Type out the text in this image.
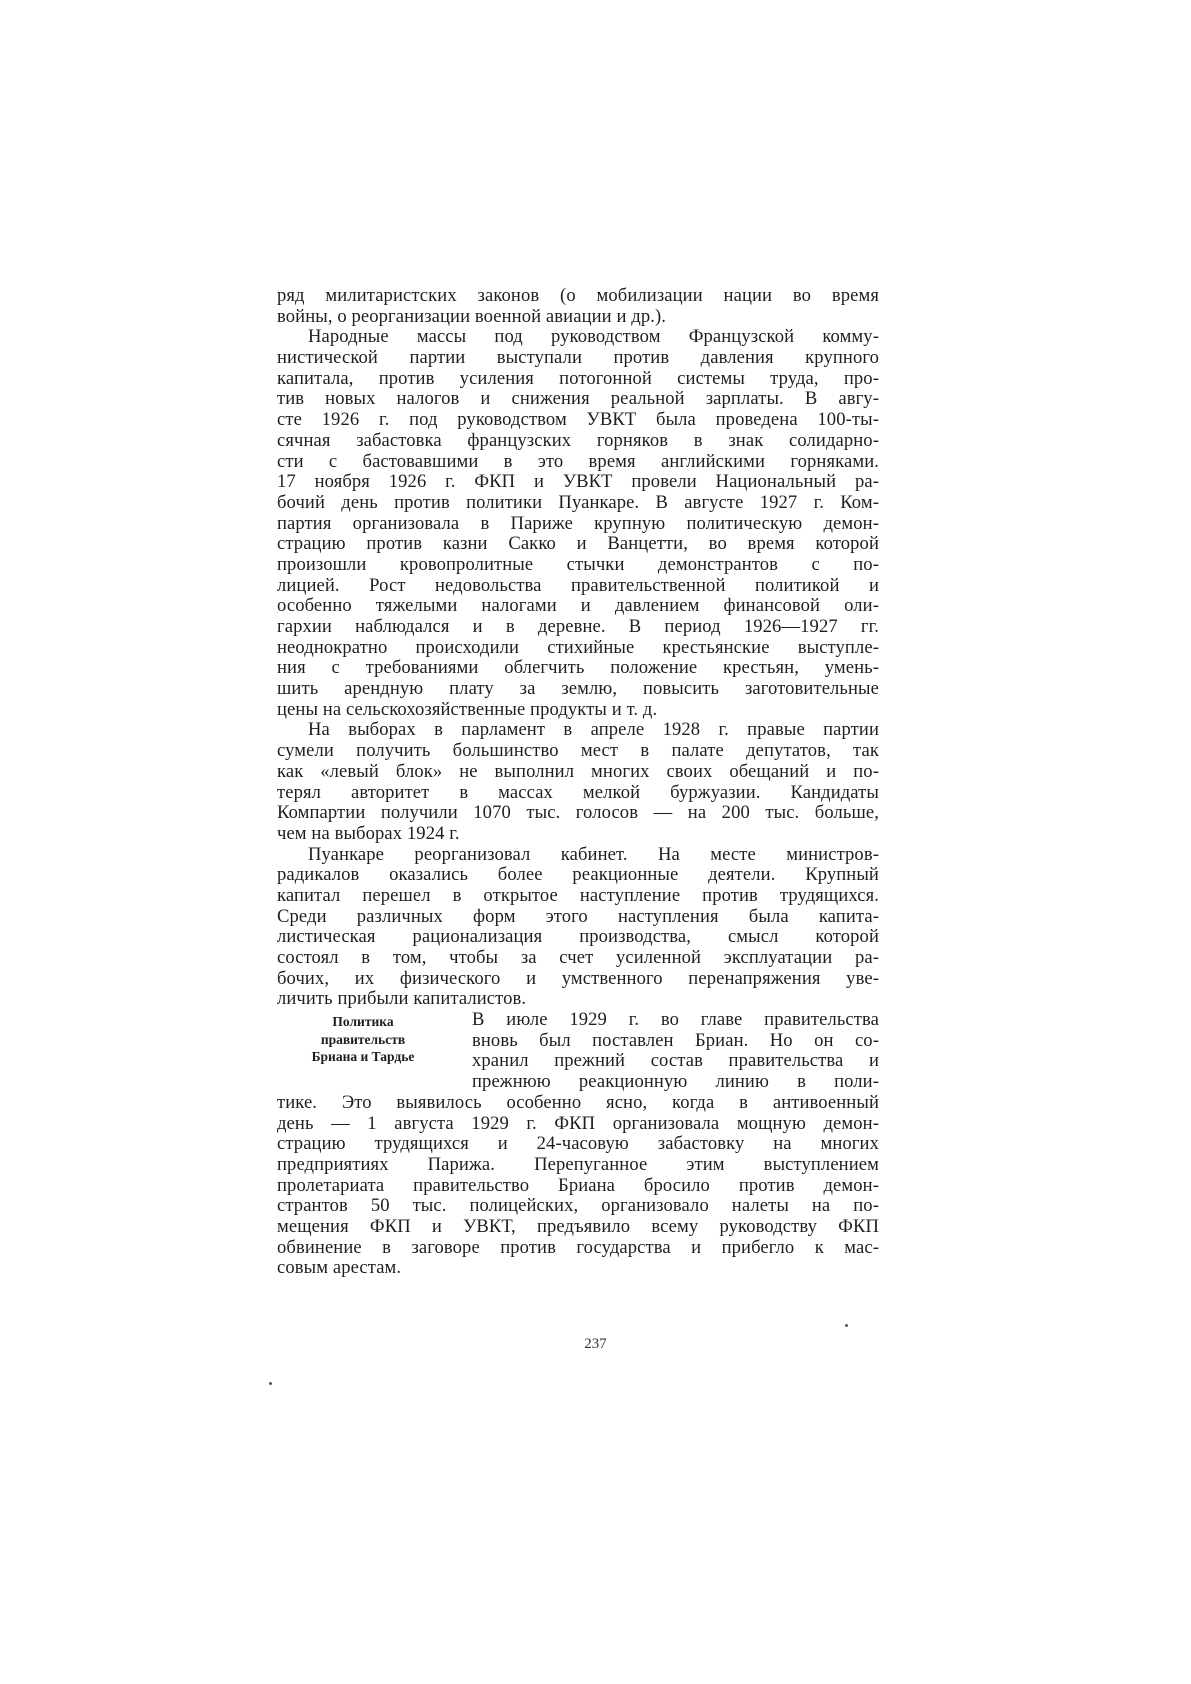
ряд милитаристских законов (о мобилизации нации во время
войны, о реорганизации военной авиации и др.).
Народные массы под руководством Французской комму-
нистической партии выступали против давления крупного
капитала, против усиления потогонной системы труда, про-
тив новых налогов и снижения реальной зарплаты. В авгу-
сте 1926 г. под руководством УВКТ была проведена 100-ты-
сячная забастовка французских горняков в знак солидарно-
сти с бастовавшими в это время английскими горняками.
17 ноября 1926 г. ФКП и УВКТ провели Национальный ра-
бочий день против политики Пуанкаре. В августе 1927 г. Ком-
партия организовала в Париже крупную политическую демон-
страцию против казни Сакко и Ванцетти, во время которой
произошли кровопролитные стычки демонстрантов с по-
лицией. Рост недовольства правительственной политикой и
особенно тяжелыми налогами и давлением финансовой оли-
гархии наблюдался и в деревне. В период 1926—1927 гг.
неоднократно происходили стихийные крестьянские выступле-
ния с требованиями облегчить положение крестьян, умень-
шить арендную плату за землю, повысить заготовительные
цены на сельскохозяйственные продукты и т. д.
На выборах в парламент в апреле 1928 г. правые партии
сумели получить большинство мест в палате депутатов, так
как «левый блок» не выполнил многих своих обещаний и по-
терял авторитет в массах мелкой буржуазии. Кандидаты
Компартии получили 1070 тыс. голосов — на 200 тыс. больше,
чем на выборах 1924 г.
Пуанкаре реорганизовал кабинет. На месте министров-
радикалов оказались более реакционные деятели. Крупный
капитал перешел в открытое наступление против трудящихся.
Среди различных форм этого наступления была капита-
листическая рационализация производства, смысл которой
состоял в том, чтобы за счет усиленной эксплуатации ра-
бочих, их физического и умственного перенапряжения уве-
личить прибыли капиталистов.
Политика
правительств
Бриана и Тардье
В июле 1929 г. во главе правительства
вновь был поставлен Бриан. Но он со-
хранил прежний состав правительства и
прежнюю реакционную линию в поли-
тике. Это выявилось особенно ясно, когда в антивоенный
день — 1 августа 1929 г. ФКП организовала мощную демон-
страцию трудящихся и 24-часовую забастовку на многих
предприятиях Парижа. Перепуганное этим выступлением
пролетариата правительство Бриана бросило против демон-
странтов 50 тыс. полицейских, организовало налеты на по-
мещения ФКП и УВКТ, предъявило всему руководству ФКП
обвинение в заговоре против государства и прибегло к мас-
совым арестам.
237
